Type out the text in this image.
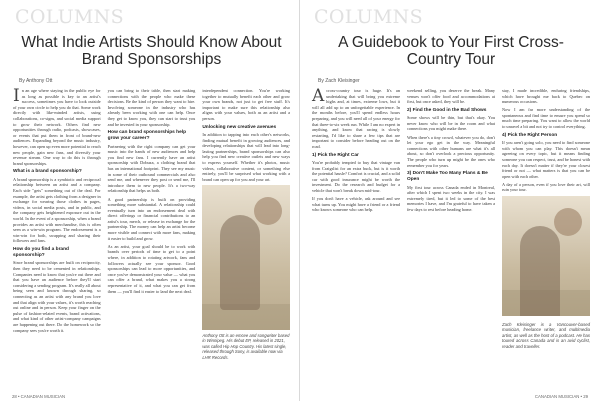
COLUMNS
What Indie Artists Should Know About Brand Sponsorships
By Anthony Ott

In an age where staying in the public eye for as long as possible is key to an artist's success, sometimes you have to look outside of your own circle to help you do that. Some work directly with like-minded artists, using collaborations, co-signs, and social media support to grow their network. Others find new opportunities through radio, podcasts, showcases, or events that put them in front of brand-new audiences. Expanding beyond the music industry, however, can open up even more potential to reach new people, gain new fans, and diversify your revenue stream. One way to do this is through brand sponsorships.

What is a brand sponsorship?

A brand sponsorship is a symbiotic and reciprocal relationship between an artist and a company. Each side "gets" something out of the deal. For example, the artist gets clothing from a designer in exchange for wearing those clothes in pages, videos, in social media posts, and in public, and the company gets heightened exposure out in the world. In the event of a sponsorship, when a brand provides an artist with merchandise, this is often seen as a win-win program. The endorsement is a win-win for both, swapping and sharing their followers and fans.

How do you find a brand sponsorship?

Since brand sponsorships are built on reciprocity, then they need to be cemented in relationships. Companies need to know that you're out there and that you have an audience before they'll start considering a sending program. It's really all about being seen and known through sharing, so connecting as an artist with any brand you love and that align with your values, it's worth reaching out online and in person. Keep your finger on the pulse of fashion-related events, brand activations, and what kind of other artist-company campaigns are happening out there. Do the homework so the company sees you're worth it.

you can bring to their table, then start making connections with the people who make these decisions. Be the kind of person they want to hire. Involving someone in the industry who has already been working with one can help. Once they get to know you, they can start to trust you and be invested in your sponsorship.

How can brand sponsorships help grow your career?

Partnering with the right company can get your music into the hands of new audiences and help you find new fans. I currently have an artist sponsorship with Dobuza, a clothing brand that has an international footprint. They see my music in some of their outbound commercials and also send me, and whenever they post or send me, I'll introduce them to new people. It's a two-way relationship that helps us both.

A good partnership is built on providing something more substantial. A relationship could eventually turn into an endorsement deal with direct offerings or financial contributions to an artist's tour, merch, or release in exchange for the partnership. The money can help an artist become more visible and connect with more fans, making it easier to build and grow.

As an artist, your goal should be to work with brands over periods of time to get to a point where, in addition to rotating artwork, fans and followers actually see your sponsor. Good sponsorships can lead to more opportunities, and once you've demonstrated your value — what you can offer a brand, what makes you a strong representative of it, and what you can get from them — you'll find it easier to land the next deal.

interdependent connection. You're working together to mutually benefit each other and grow your own brands, not just to get free stuff. It's important to make sure this relationship also aligns with your values, both as an artist and a person.

Unlocking new creative avenues

In addition to tapping into each other's networks, finding mutual benefit in growing audiences, and developing relationships that will lead into long-lasting partnerships, brand sponsorships can also help you find new creative outlets and new ways to express yourself. Whether it's photos, music videos, collaborative content, or something else entirely, you'll be surprised what working with a brand can open up for you and your art.

Anthony Ott is an emcee and songwriter based in Winnipeg. His debut EP, released in 2021, was called Hip Hop Country. His latest single, released through Sony, is available now via LHR Records.
28 • CANADIAN MUSICIAN
COLUMNS
A Guidebook to Your First Cross-Country Tour
By Zach Kleisinger

A cross-country tour is huge. It's an undertaking that will bring you extreme highs and, at times, extreme lows, but it will all add up to an unforgettable experience. In the months before, you'll spend endless hours preparing, and you will need all of your energy for that three-to-six week run. While I am no expert in anything, and know that racing is slowly restarting, I'd like to share a few tips that are important to consider before heading out on the road.

1) Pick the Right Car

You're probably tempted to buy that vintage van from Craigslist for an extra buck, but is it worth the potential hassle? Comfort is crucial, and a solid car with good insurance might be worth the investment. Do the research and budget for a vehicle that won't break down mid-tour.

If you don't have a vehicle, ask around and see what turns up. You might have a friend or a friend who knows someone who can help.

weekend selling, you deserve the break. Many venues won't offer food and accommodations at first, but once asked, they will be.

2) Find the Good in the Bad Shows

Some shows will be thin, but that's okay. You never know who will be in the room and what connections you might make there.

When there's a tiny crowd, whatever you do, don't let your ego get in the way. Meaningful connections with other humans are what it's all about, so don't overlook a precious opportunity. The people who turn up might be the ones who remember you for years.

3) Don't Make Too Many Plans & Be Open

My first tour across Canada ended in Montreal, after which I spent two weeks in the city. I was extremely tired, but it led to some of the best memories I have, and I'm grateful to have taken a few days to rest before heading home.

stay, I made incredible, enduring friendships, which have brought me back to Quebec on numerous occasions.

Now I am far more understanding of the spontaneous and find time to ensure you spend so much time preparing. You want to allow the world to unravel a bit and not try to control everything.

4) Pick the Right Person

If you aren't going solo, you need to find someone with whom you can play. This doesn't mean agreeing on every topic, but it means finding someone you can respect, trust, and be honest with each day. It doesn't matter if they're your closest friend or not — what matters is that you can be open with each other.

A day of a person, even if you love their art, will ruin your tour.

Zach Kleisinger is a Vancouver-based musician, freelance writer, and multimedia artist, as well as the host of a podcast. He has toured across Canada and is an avid cyclist, reader and traveller.
CANADIAN MUSICIAN • 29
